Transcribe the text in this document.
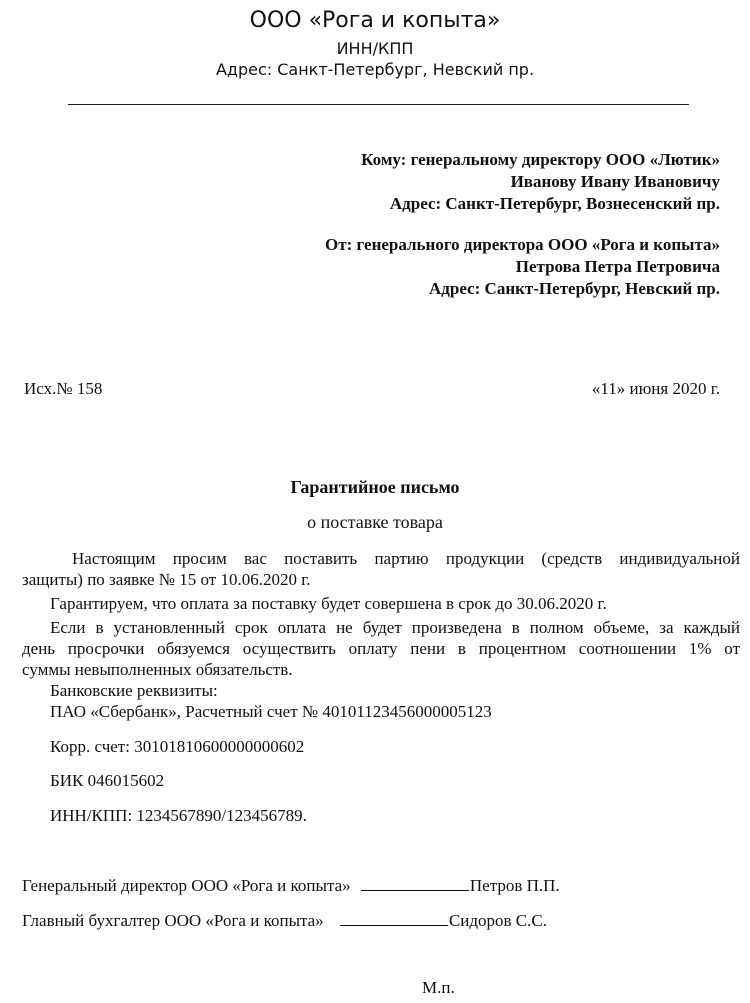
ООО «Рога и копыта»
ИНН/КПП
Адрес: Санкт-Петербург, Невский пр.
Кому: генеральному директору ООО «Лютик»
Иванову Ивану Ивановичу
Адрес: Санкт-Петербург, Вознесенский пр.
От: генерального директора ООО «Рога и копыта»
Петрова Петра Петровича
Адрес: Санкт-Петербург, Невский пр.
Исх.№ 158	«11» июня 2020 г.
Гарантийное письмо
о поставке товара
Настоящим просим вас поставить партию продукции (средств индивидуальной
защиты) по заявке № 15 от 10.06.2020 г.
Гарантируем, что оплата за поставку будет совершена в срок до 30.06.2020 г.
Если в установленный срок оплата не будет произведена в полном объеме, за каждый
день просрочки обязуемся осуществить оплату пени в процентном соотношении 1% от
суммы невыполненных обязательств.
Банковские реквизиты:
ПАО «Сбербанк», Расчетный счет № 40101123456000005123
Корр. счет: 30101810600000000602
БИК 046015602
ИНН/КПП: 1234567890/123456789.
Генеральный директор ООО «Рога и копыта»	Петров П.П.
Главный бухгалтер ООО «Рога и копыта»	Сидоров С.С.
М.п.
